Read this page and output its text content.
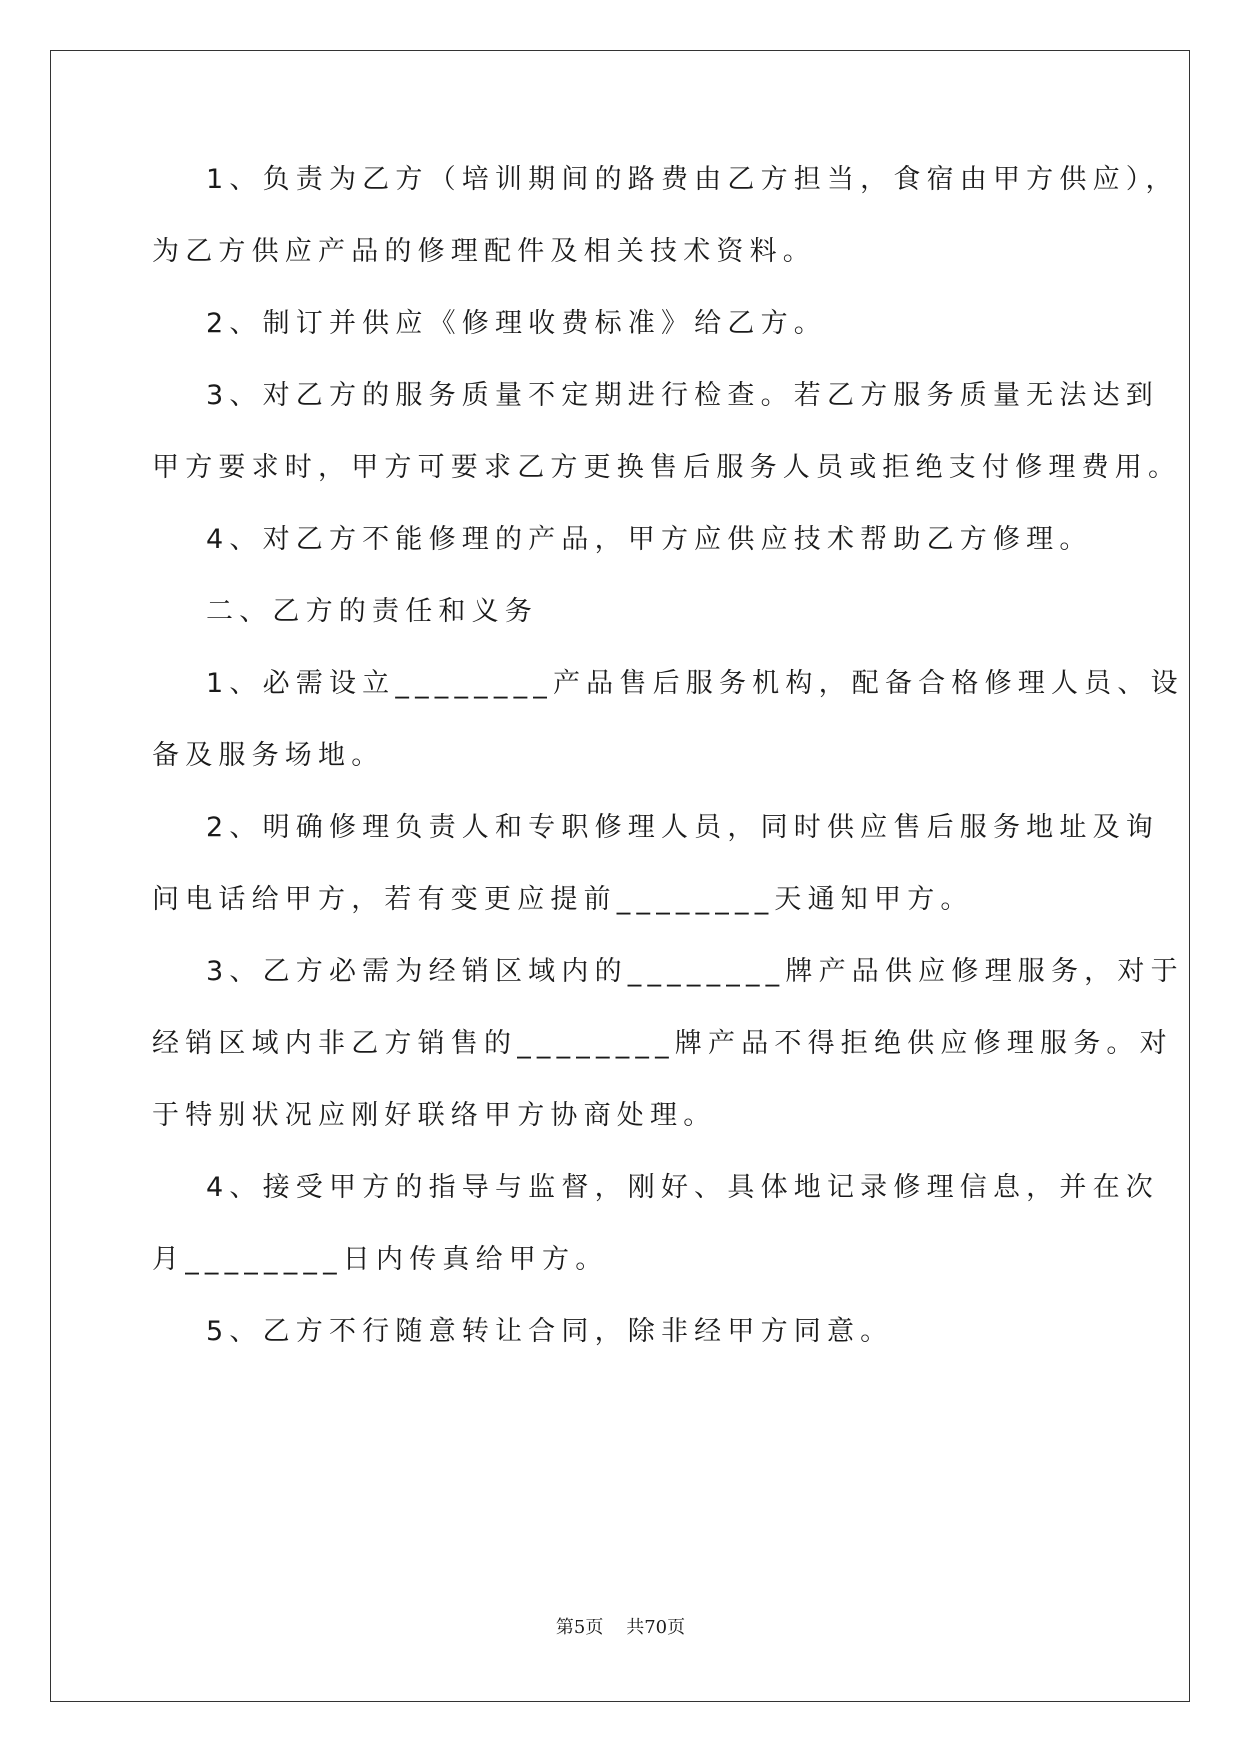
1、负责为乙方（培训期间的路费由乙方担当，食宿由甲方供应），
为乙方供应产品的修理配件及相关技术资料。
2、制订并供应《修理收费标准》给乙方。
3、对乙方的服务质量不定期进行检查。若乙方服务质量无法达到
甲方要求时，甲方可要求乙方更换售后服务人员或拒绝支付修理费用。
4、对乙方不能修理的产品，甲方应供应技术帮助乙方修理。
二、乙方的责任和义务
1、必需设立________产品售后服务机构，配备合格修理人员、设
备及服务场地。
2、明确修理负责人和专职修理人员，同时供应售后服务地址及询
问电话给甲方，若有变更应提前________天通知甲方。
3、乙方必需为经销区域内的________牌产品供应修理服务，对于
经销区域内非乙方销售的________牌产品不得拒绝供应修理服务。对
于特别状况应刚好联络甲方协商处理。
4、接受甲方的指导与监督，刚好、具体地记录修理信息，并在次
月________日内传真给甲方。
5、乙方不行随意转让合同，除非经甲方同意。
第5页 共70页
